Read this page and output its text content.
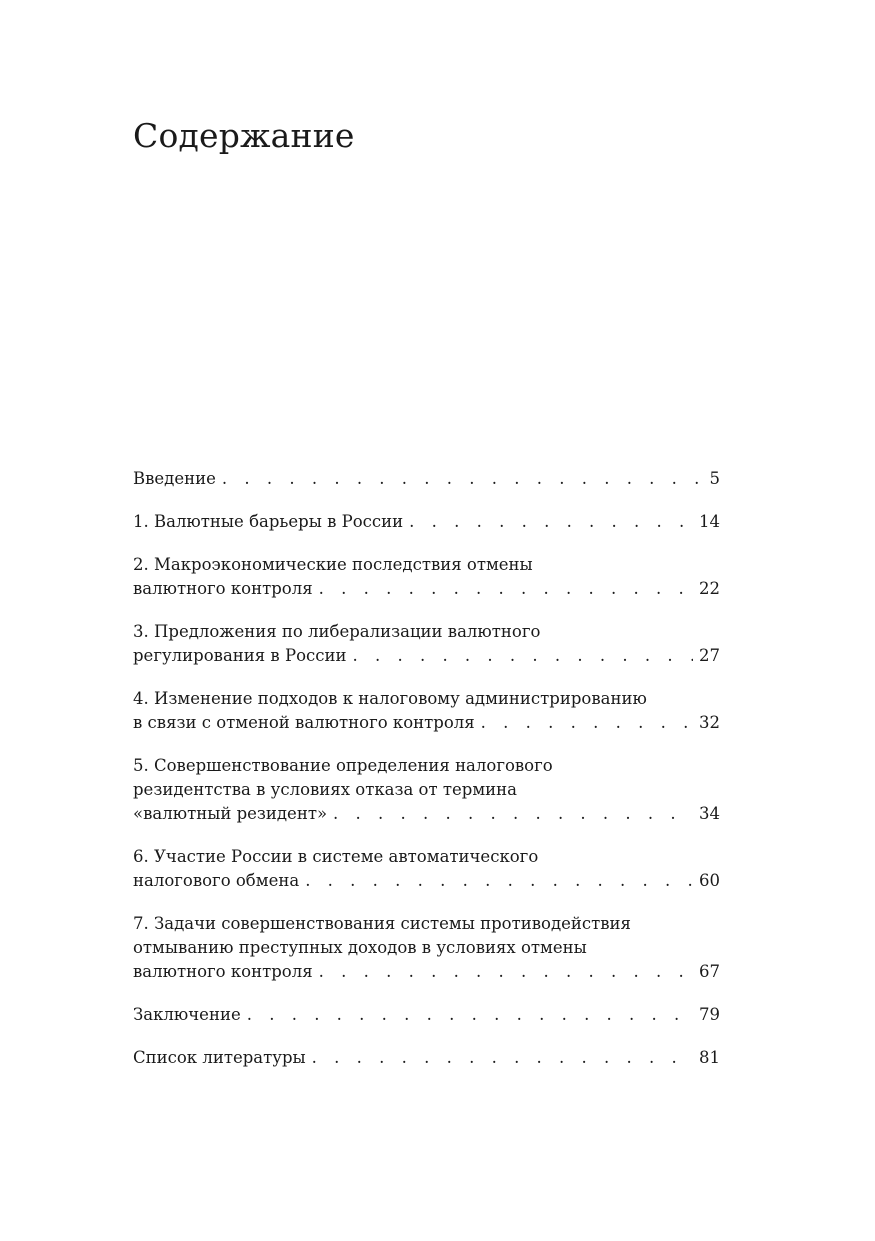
Содержание
Введение . . .	5
1. Валютные барьеры в России . . .	14
2. Макроэкономические последствия отмены
валютного контроля . . .	22
3. Предложения по либерализации валютного
регулирования в России . . .	27
4. Изменение подходов к налоговому администрированию
в связи с отменой валютного контроля . . .	32
5. Совершенствование определения налогового
резидентства в условиях отказа от термина
«валютный резидент» . . .	34
6. Участие России в системе автоматического
налогового обмена . . .	60
7. Задачи совершенствования системы противодействия
отмыванию преступных доходов в условиях отмены
валютного контроля . . .	67
Заключение . . .	79
Список литературы . . .	81
